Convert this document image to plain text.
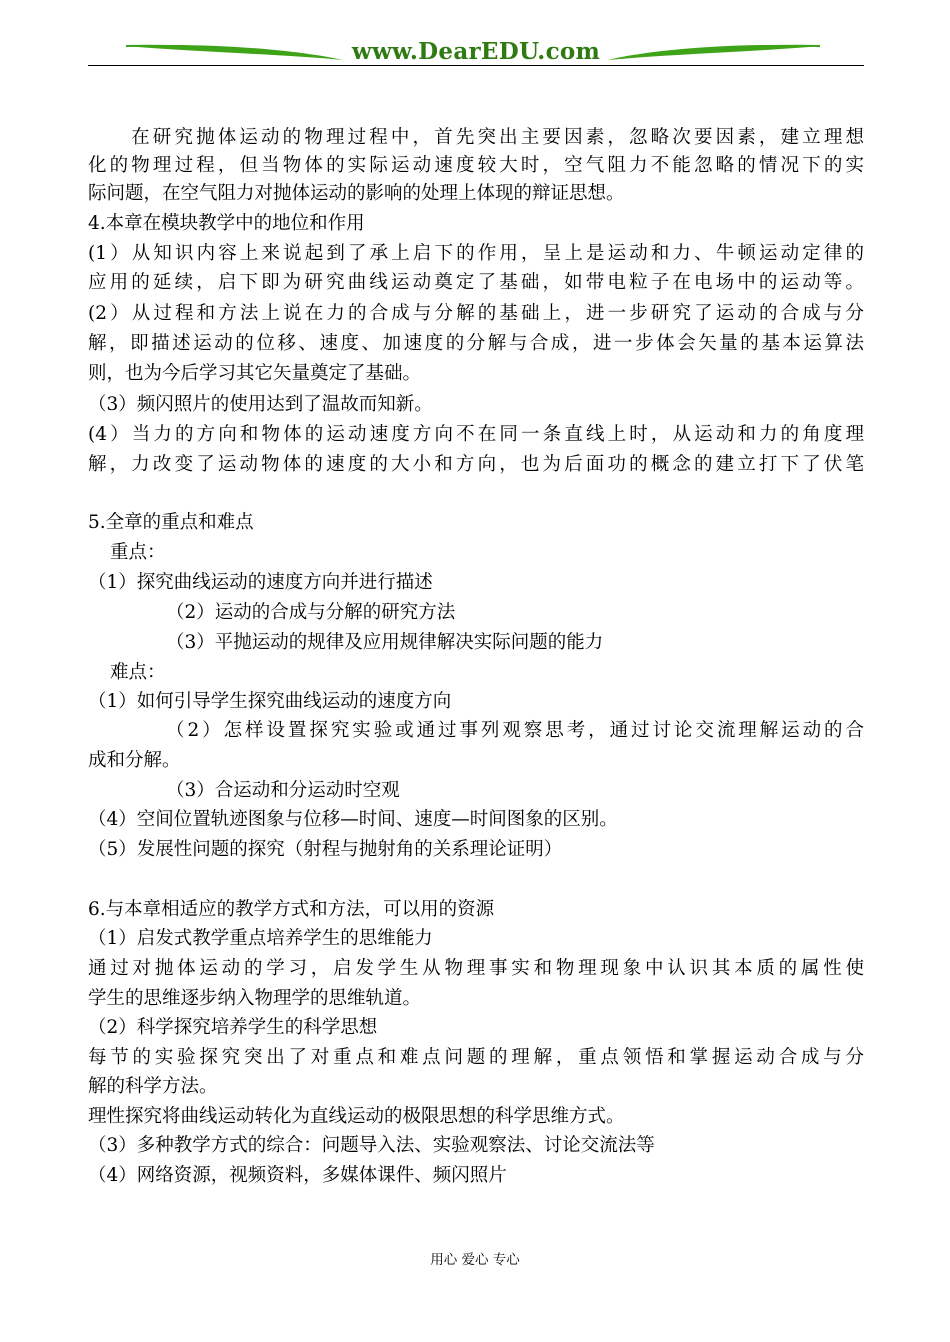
www.DearEDU.com
在研究抛体运动的物理过程中，首先突出主要因素，忽略次要因素，建立理想
化的物理过程，但当物体的实际运动速度较大时，空气阻力不能忽略的情况下的实
际问题，在空气阻力对抛体运动的影响的处理上体现的辩证思想。
4.本章在模块教学中的地位和作用
(1）从知识内容上来说起到了承上启下的作用，呈上是运动和力、牛顿运动定律的
应用的延续，启下即为研究曲线运动奠定了基础，如带电粒子在电场中的运动等。
(2）从过程和方法上说在力的合成与分解的基础上，进一步研究了运动的合成与分
解，即描述运动的位移、速度、加速度的分解与合成，进一步体会矢量的基本运算法
则，也为今后学习其它矢量奠定了基础。
（3）频闪照片的使用达到了温故而知新。
(4）当力的方向和物体的运动速度方向不在同一条直线上时，从运动和力的角度理
解，力改变了运动物体的速度的大小和方向，也为后面功的概念的建立打下了伏笔
5.全章的重点和难点
重点：
（1）探究曲线运动的速度方向并进行描述
（2）运动的合成与分解的研究方法
（3）平抛运动的规律及应用规律解决实际问题的能力
难点：
（1）如何引导学生探究曲线运动的速度方向
（2）怎样设置探究实验或通过事列观察思考，通过讨论交流理解运动的合
成和分解。
（3）合运动和分运动时空观
（4）空间位置轨迹图象与位移—时间、速度—时间图象的区别。
（5）发展性问题的探究（射程与抛射角的关系理论证明）
6.与本章相适应的教学方式和方法，可以用的资源
（1）启发式教学重点培养学生的思维能力
通过对抛体运动的学习，启发学生从物理事实和物理现象中认识其本质的属性使
学生的思维逐步纳入物理学的思维轨道。
（2）科学探究培养学生的科学思想
每节的实验探究突出了对重点和难点问题的理解，重点领悟和掌握运动合成与分
解的科学方法。
理性探究将曲线运动转化为直线运动的极限思想的科学思维方式。
（3）多种教学方式的综合：问题导入法、实验观察法、讨论交流法等
（4）网络资源，视频资料，多媒体课件、频闪照片
用心 爱心 专心
